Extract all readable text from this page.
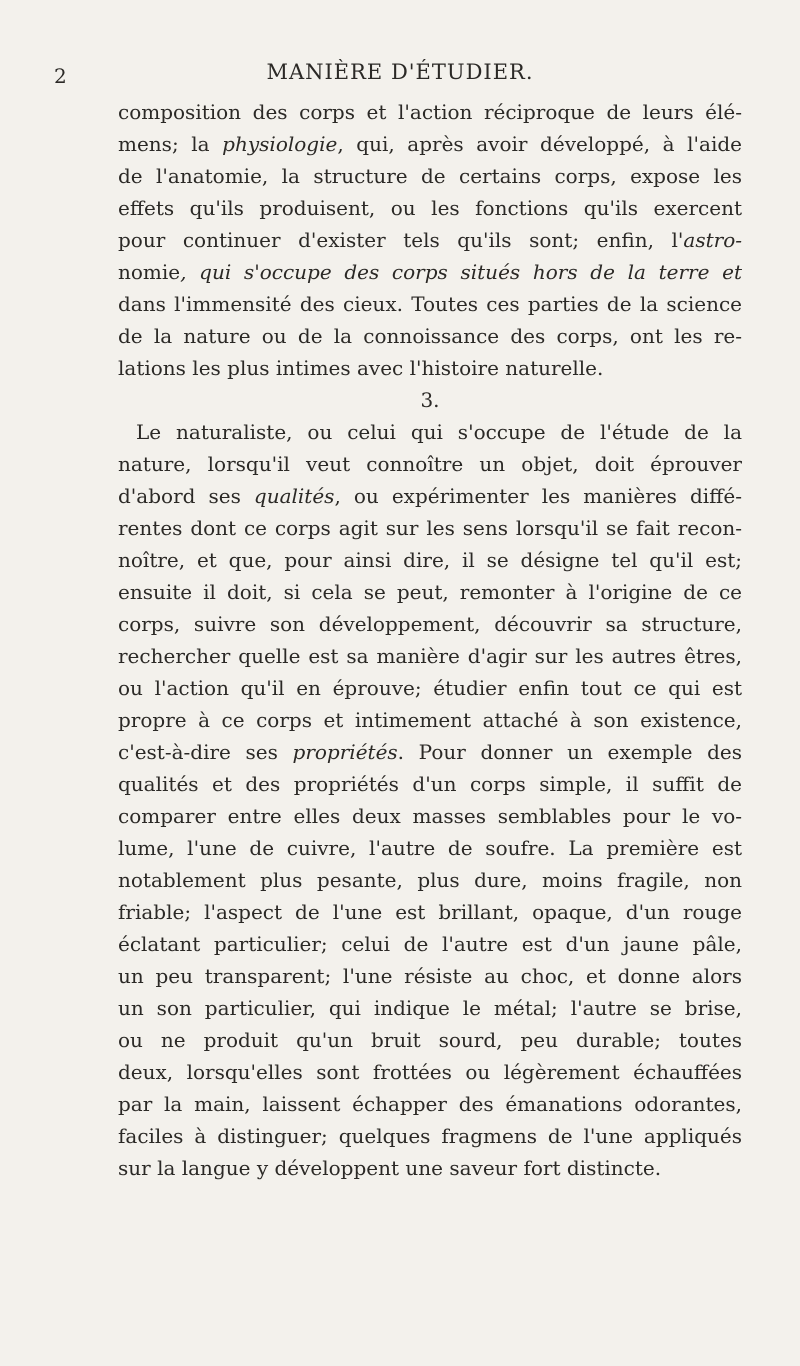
2	MANIÈRE D'ÉTUDIER.
composition des corps et l'action réciproque de leurs élé-
mens; la physiologie, qui, après avoir développé, à l'aide
de l'anatomie, la structure de certains corps, expose les
effets qu'ils produisent, ou les fonctions qu'ils exercent
pour continuer d'exister tels qu'ils sont; enfin, l'astro-
nomie, qui s'occupe des corps situés hors de la terre et
dans l'immensité des cieux. Toutes ces parties de la science
de la nature ou de la connoissance des corps, ont les re-
lations les plus intimes avec l'histoire naturelle.
3.
Le naturaliste, ou celui qui s'occupe de l'étude de la
nature, lorsqu'il veut connoître un objet, doit éprouver
d'abord ses qualités, ou expérimenter les manières diffé-
rentes dont ce corps agit sur les sens lorsqu'il se fait recon-
noître, et que, pour ainsi dire, il se désigne tel qu'il est;
ensuite il doit, si cela se peut, remonter à l'origine de ce
corps, suivre son développement, découvrir sa structure,
rechercher quelle est sa manière d'agir sur les autres êtres,
ou l'action qu'il en éprouve; étudier enfin tout ce qui est
propre à ce corps et intimement attaché à son existence,
c'est-à-dire ses propriétés. Pour donner un exemple des
qualités et des propriétés d'un corps simple, il suffit de
comparer entre elles deux masses semblables pour le vo-
lume, l'une de cuivre, l'autre de soufre. La première est
notablement plus pesante, plus dure, moins fragile, non
friable; l'aspect de l'une est brillant, opaque, d'un rouge
éclatant particulier; celui de l'autre est d'un jaune pâle,
un peu transparent; l'une résiste au choc, et donne alors
un son particulier, qui indique le métal; l'autre se brise,
ou ne produit qu'un bruit sourd, peu durable; toutes
deux, lorsqu'elles sont frottées ou légèrement échauffées
par la main, laissent échapper des émanations odorantes,
faciles à distinguer; quelques fragmens de l'une appliqués
sur la langue y développent une saveur fort distincte.
